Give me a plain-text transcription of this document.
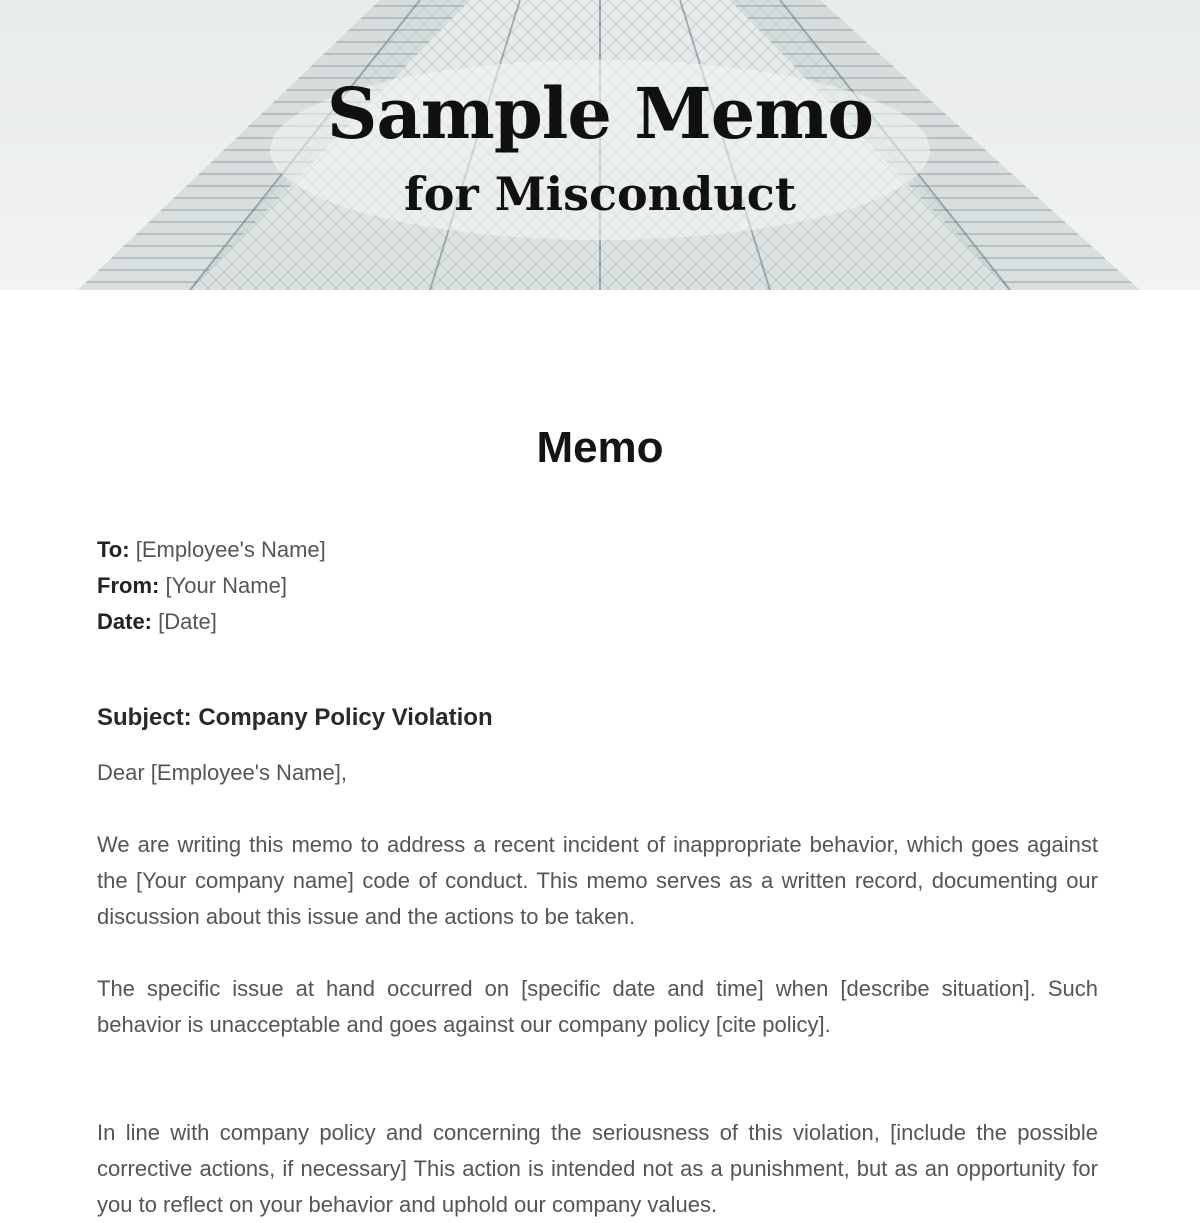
Sample Memo
for Misconduct
Memo
To: [Employee's Name]
From: [Your Name]
Date: [Date]

Subject: Company Policy Violation

Dear [Employee's Name],

We are writing this memo to address a recent incident of inappropriate behavior, which goes against the [Your company name] code of conduct. This memo serves as a written record, documenting our discussion about this issue and the actions to be taken.

The specific issue at hand occurred on [specific date and time] when [describe situation]. Such behavior is unacceptable and goes against our company policy [cite policy].

In line with company policy and concerning the seriousness of this violation, [include the possible corrective actions, if necessary] This action is intended not as a punishment, but as an opportunity for you to reflect on your behavior and uphold our company values.
